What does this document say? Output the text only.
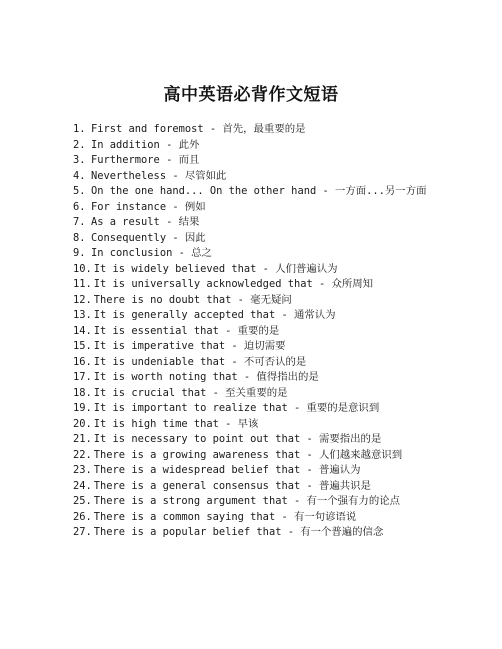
高中英语必背作文短语
1. First and foremost - 首先，最重要的是
2. In addition - 此外
3. Furthermore - 而且
4. Nevertheless - 尽管如此
5. On the one hand... On the other hand - 一方面...另一方面
6. For instance - 例如
7. As a result - 结果
8. Consequently - 因此
9. In conclusion - 总之
10. It is widely believed that - 人们普遍认为
11. It is universally acknowledged that - 众所周知
12. There is no doubt that - 毫无疑问
13. It is generally accepted that - 通常认为
14. It is essential that - 重要的是
15. It is imperative that - 迫切需要
16. It is undeniable that - 不可否认的是
17. It is worth noting that - 值得指出的是
18. It is crucial that - 至关重要的是
19. It is important to realize that - 重要的是意识到
20. It is high time that - 早该
21. It is necessary to point out that - 需要指出的是
22. There is a growing awareness that - 人们越来越意识到
23. There is a widespread belief that - 普遍认为
24. There is a general consensus that - 普遍共识是
25. There is a strong argument that - 有一个强有力的论点
26. There is a common saying that - 有一句谚语说
27. There is a popular belief that - 有一个普遍的信念
